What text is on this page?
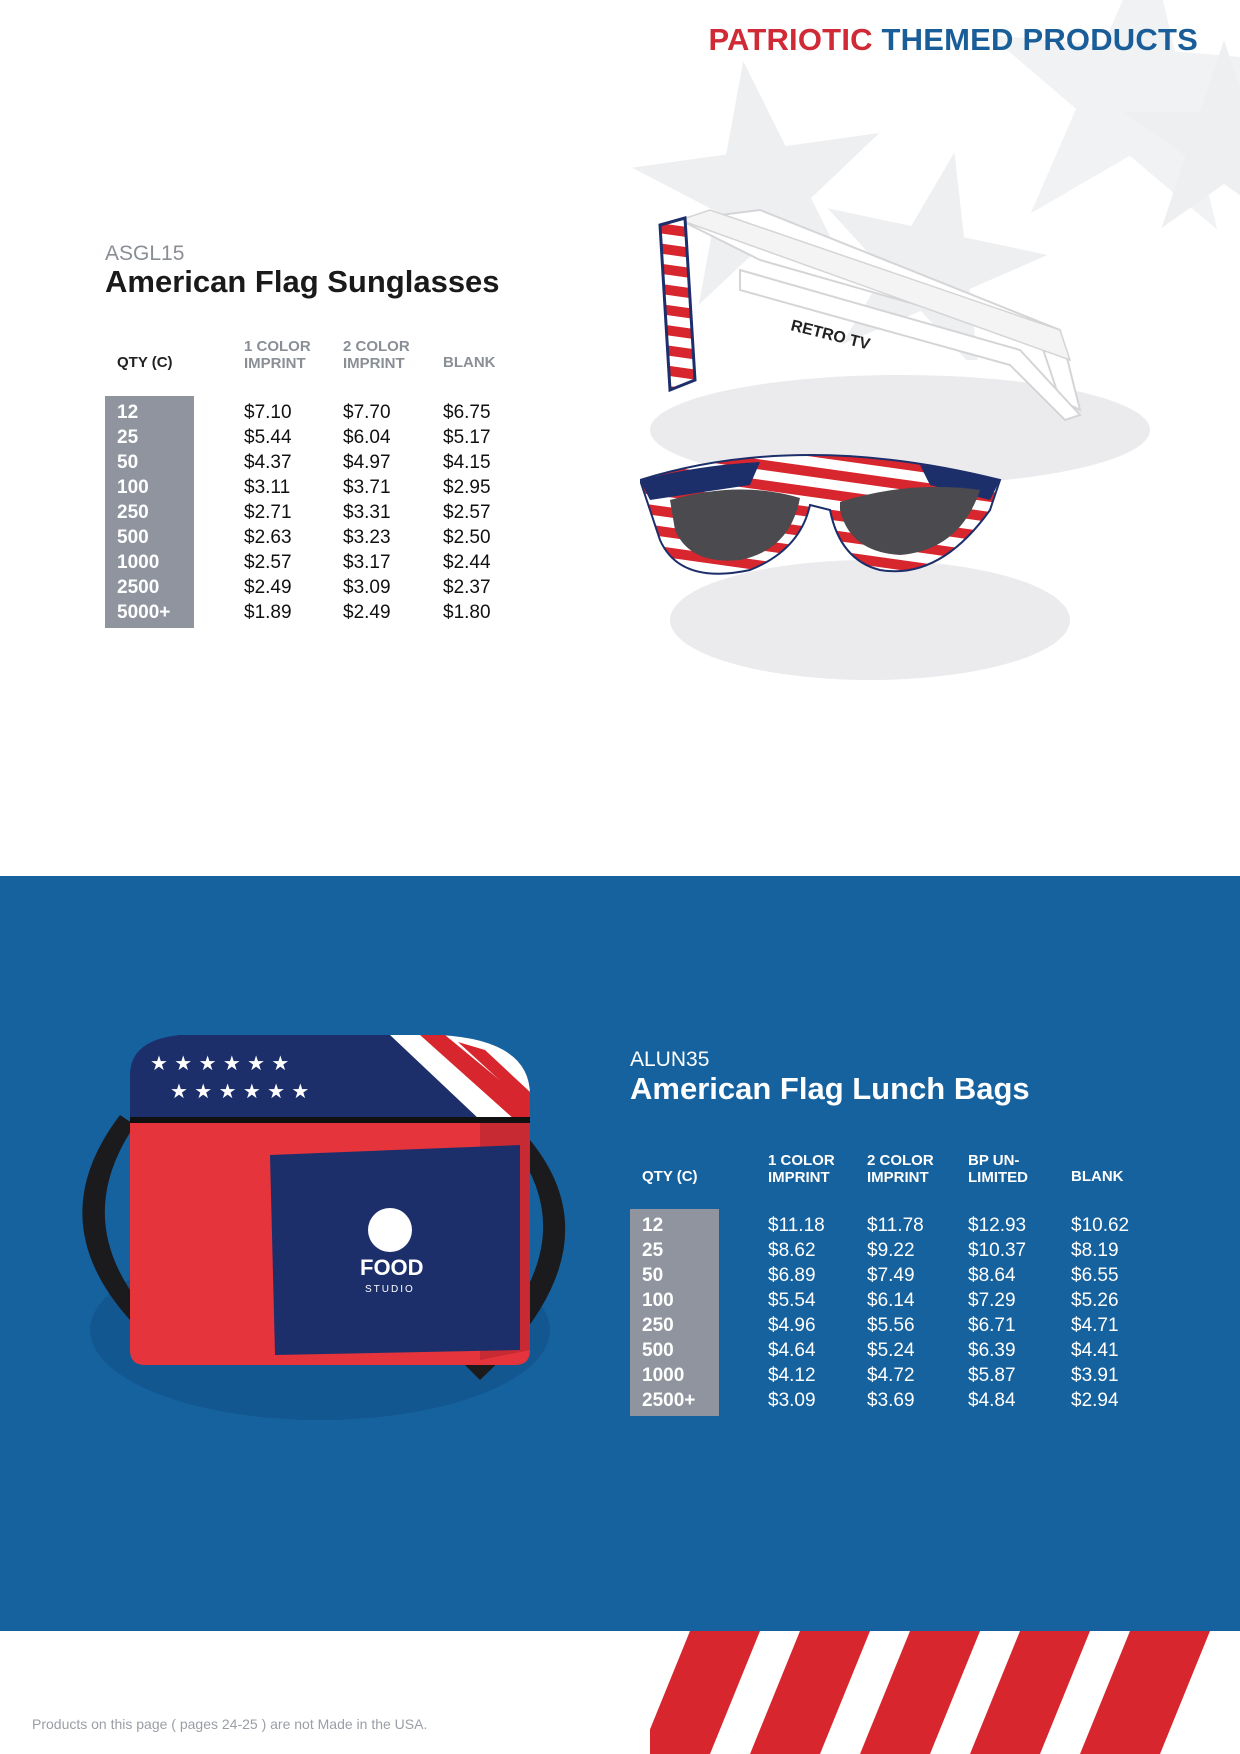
PATRIOTIC THEMED PRODUCTS
ASGL15
American Flag Sunglasses
QTY (C)
1 COLOR
IMPRINT
2 COLOR
IMPRINT	BLANK
12
25
50
100
250
500
1000
2500
5000+
$7.10
$5.44
$4.37
$3.11
$2.71
$2.63
$2.57
$2.49
$1.89
$7.70
$6.04
$4.97
$3.71
$3.31
$3.23
$3.17
$3.09
$2.49
$6.75
$5.17
$4.15
$2.95
$2.57
$2.50
$2.44
$2.37
$1.80
RETRO TV
★ ★ ★ ★ ★ ★
★ ★ ★ ★ ★ ★
FOOD
STUDIO
ALUN35
American Flag Lunch Bags
QTY (C)
1 COLOR
IMPRINT
2 COLOR
IMPRINT
BP UN-
LIMITED	BLANK
12
25
50
100
250
500
1000
2500+
$11.18
$8.62
$6.89
$5.54
$4.96
$4.64
$4.12
$3.09
$11.78
$9.22
$7.49
$6.14
$5.56
$5.24
$4.72
$3.69
$12.93
$10.37
$8.64
$7.29
$6.71
$6.39
$5.87
$4.84
$10.62
$8.19
$6.55
$5.26
$4.71
$4.41
$3.91
$2.94
Products on this page ( pages 24-25 ) are not Made in the USA.
